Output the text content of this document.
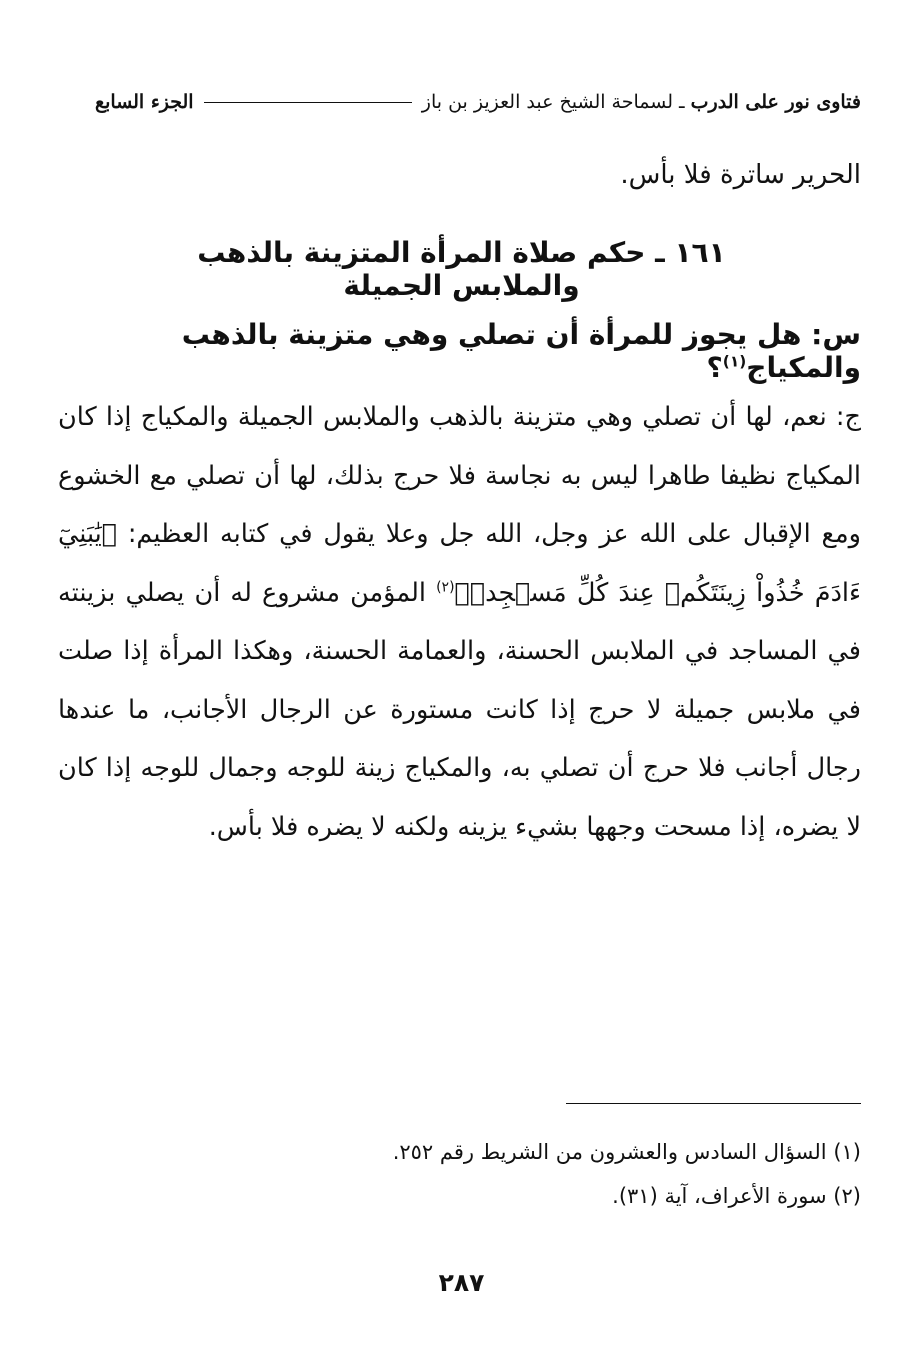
فتاوى نور على الدرب ـ لسماحة الشيخ عبد العزيز بن باز
الجزء السابع
الحرير ساترة فلا بأس.
١٦١ ـ حكم صلاة المرأة المتزينة بالذهب والملابس الجميلة
س: هل يجوز للمرأة أن تصلي وهي متزينة بالذهب والمكياج$^{(١)}$؟

ج: نعم، لها أن تصلي وهي متزينة بالذهب والملابس الجميلة والمكياج إذا كان المكياج نظيفا طاهرا ليس به نجاسة فلا حرج بذلك، لها أن تصلي مع الخشوع ومع الإقبال على الله عز وجل، الله جل وعلا يقول في كتابه العظيم: ﴿يَٰبَنِيٓ ءَادَمَ خُذُواْ زِينَتَكُمۡ عِندَ كُلِّ مَسۡجِدٖ﴾$^{(٢)}$ المؤمن مشروع له أن يصلي بزينته في المساجد في الملابس الحسنة، والعمامة الحسنة، وهكذا المرأة إذا صلت في ملابس جميلة لا حرج إذا كانت مستورة عن الرجال الأجانب، ما عندها رجال أجانب فلا حرج أن تصلي به، والمكياج زينة للوجه وجمال للوجه إذا كان لا يضره، إذا مسحت وجهها بشيء يزينه ولكنه لا يضره فلا بأس.

(١) السؤال السادس والعشرون من الشريط رقم ٢٥٢.

(٢) سورة الأعراف، آية (٣١).

٢٨٧
